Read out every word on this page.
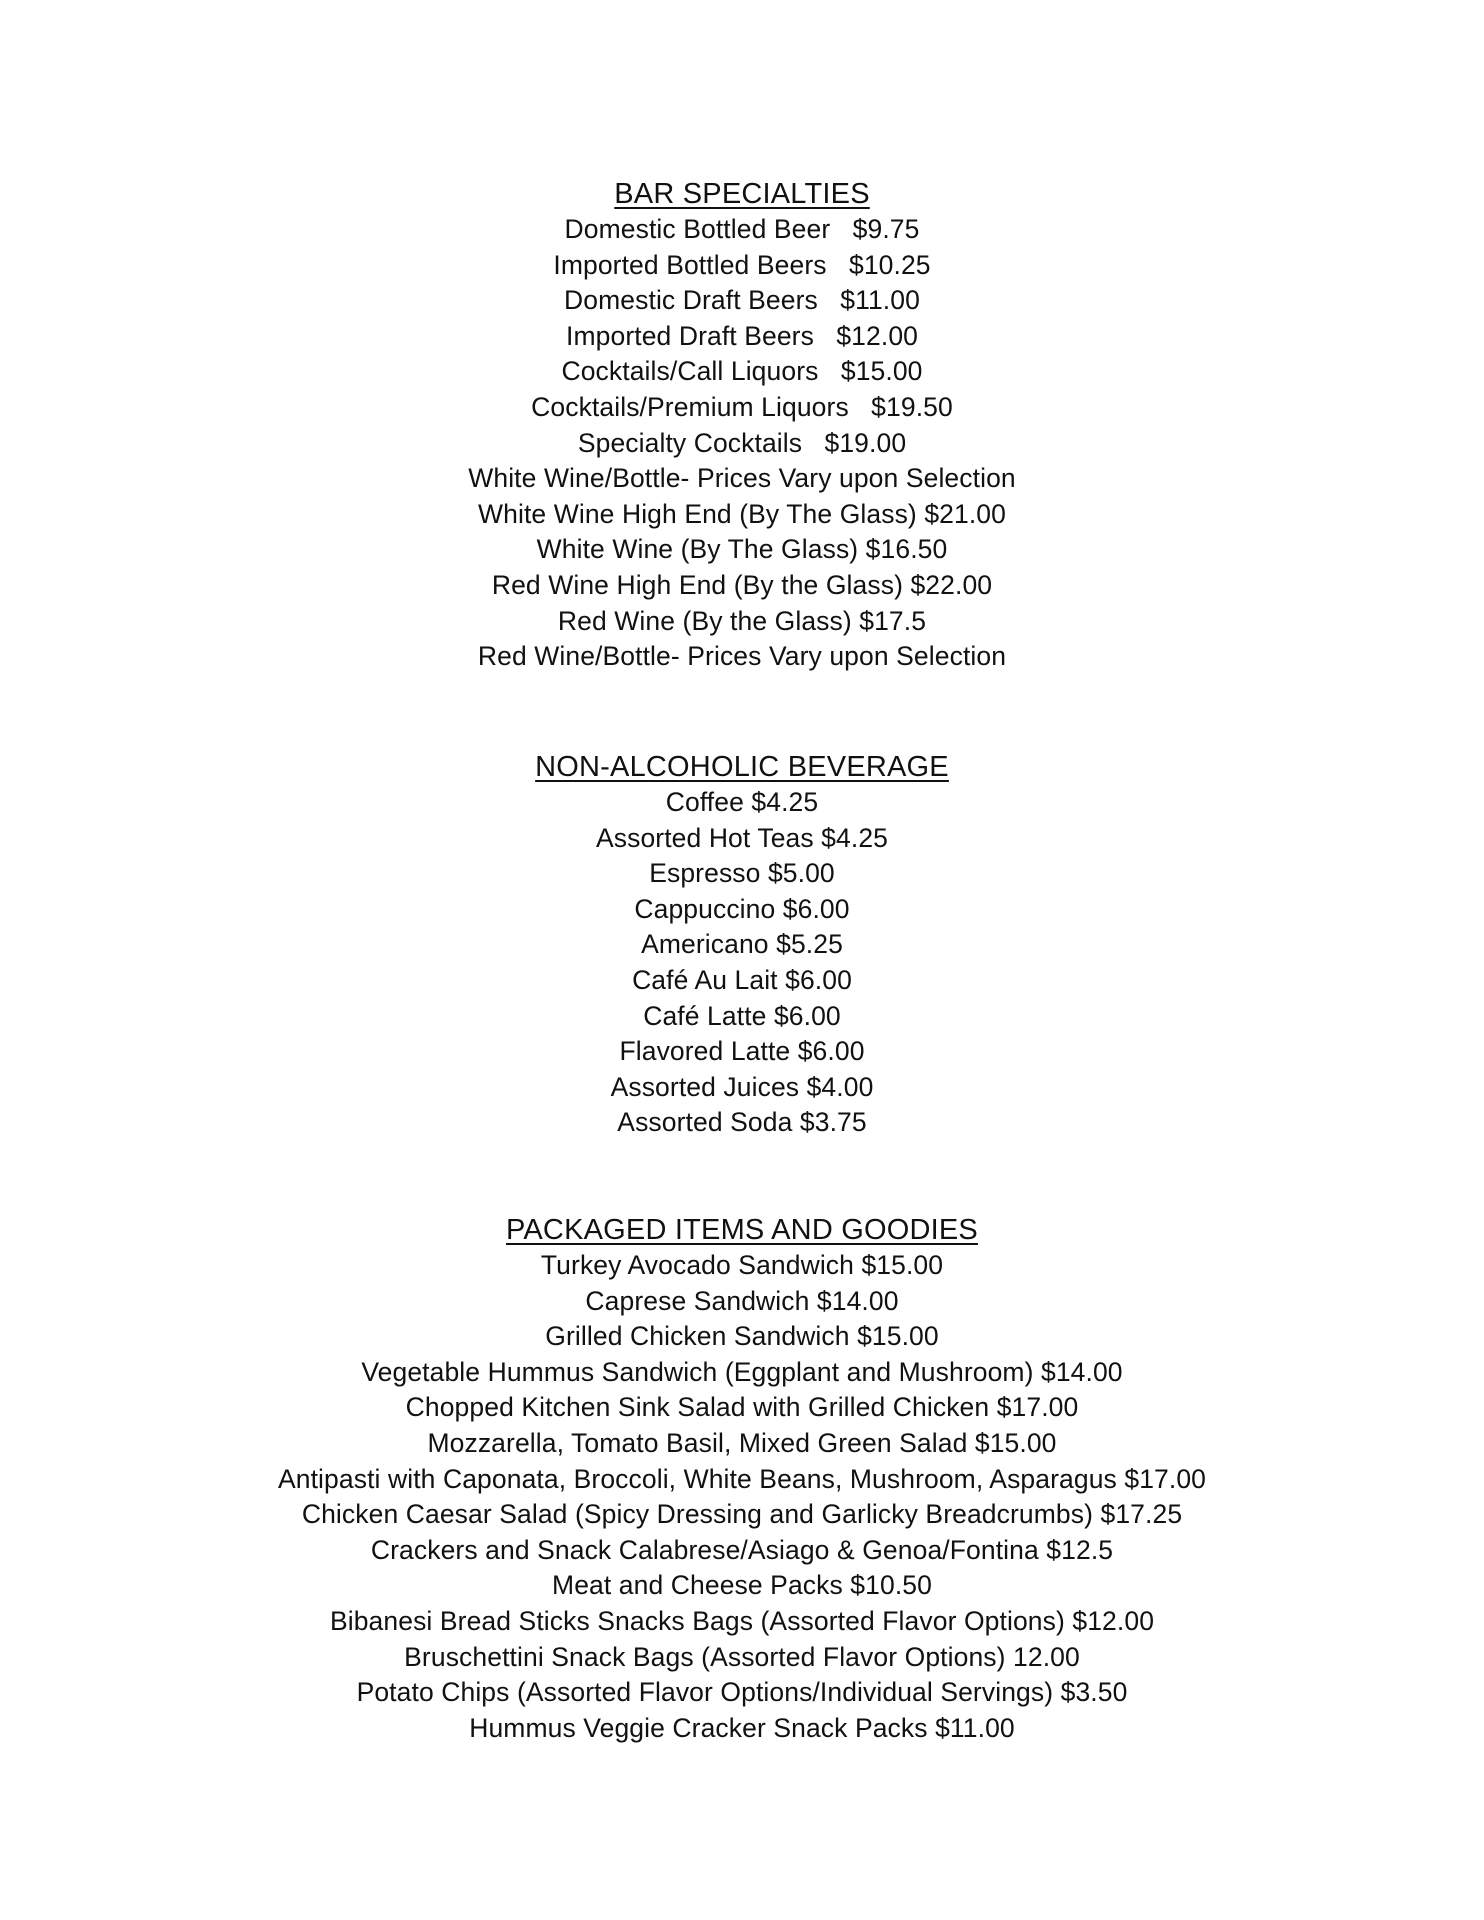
BAR SPECIALTIES
Domestic Bottled Beer   $9.75
Imported Bottled Beers   $10.25
Domestic Draft Beers   $11.00
Imported Draft Beers   $12.00
Cocktails/Call Liquors   $15.00
Cocktails/Premium Liquors   $19.50
Specialty Cocktails   $19.00
White Wine/Bottle- Prices Vary upon Selection
White Wine High End (By The Glass) $21.00
White Wine (By The Glass) $16.50
Red Wine High End (By the Glass) $22.00
Red Wine (By the Glass) $17.5
Red Wine/Bottle- Prices Vary upon Selection
NON-ALCOHOLIC BEVERAGE
Coffee $4.25
Assorted Hot Teas $4.25
Espresso $5.00
Cappuccino $6.00
Americano $5.25
Café Au Lait $6.00
Café Latte $6.00
Flavored Latte $6.00
Assorted Juices $4.00
Assorted Soda $3.75
PACKAGED ITEMS AND GOODIES
Turkey Avocado Sandwich $15.00
Caprese Sandwich $14.00
Grilled Chicken Sandwich $15.00
Vegetable Hummus Sandwich (Eggplant and Mushroom) $14.00
Chopped Kitchen Sink Salad with Grilled Chicken $17.00
Mozzarella, Tomato Basil, Mixed Green Salad $15.00
Antipasti with Caponata, Broccoli, White Beans, Mushroom, Asparagus $17.00
Chicken Caesar Salad (Spicy Dressing and Garlicky Breadcrumbs) $17.25
Crackers and Snack Calabrese/Asiago & Genoa/Fontina $12.5
Meat and Cheese Packs $10.50
Bibanesi Bread Sticks Snacks Bags (Assorted Flavor Options) $12.00
Bruschettini Snack Bags (Assorted Flavor Options) 12.00
Potato Chips (Assorted Flavor Options/Individual Servings) $3.50
Hummus Veggie Cracker Snack Packs $11.00
